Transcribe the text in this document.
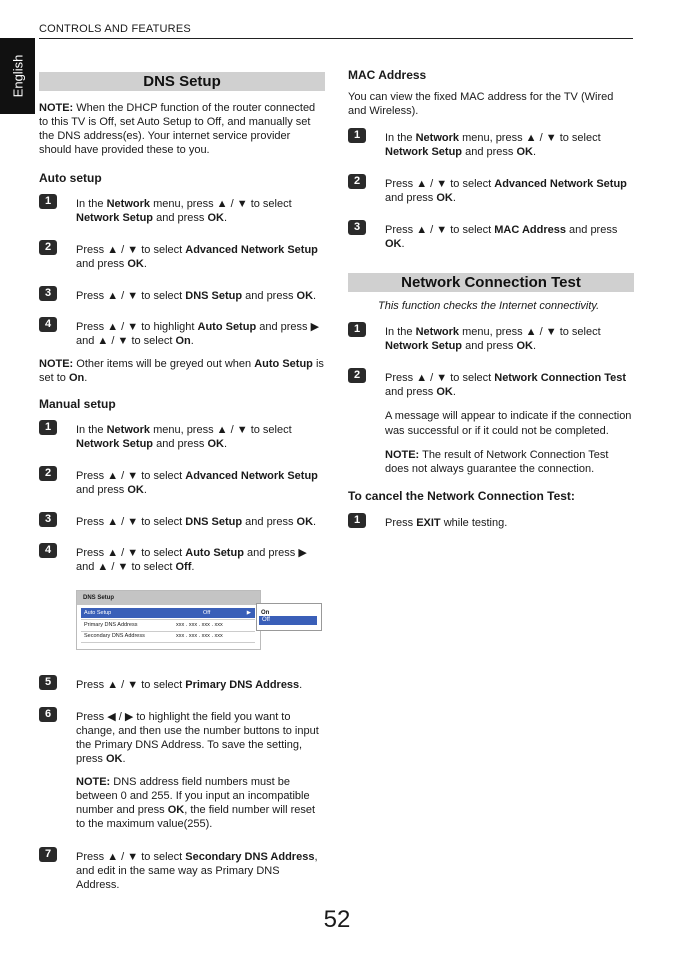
CONTROLS AND FEATURES
English	DNS Setup

NOTE: When the DHCP function of the router connected to this TV is Off, set Auto Setup to Off, and manually set the DNS address(es). Your internet service provider should have provided these to you.

Auto setup

1	In the Network menu, press ▲ / ▼ to select Network Setup and press OK.
2	Press ▲ / ▼ to select Advanced Network Setup and press OK.
3	Press ▲ / ▼ to select DNS Setup and press OK.
4	Press ▲ / ▼ to highlight Auto Setup and press ▶ and ▲ / ▼ to select On.

NOTE: Other items will be greyed out when Auto Setup is set to On.

Manual setup

1	In the Network menu, press ▲ / ▼ to select Network Setup and press OK.
2	Press ▲ / ▼ to select Advanced Network Setup and press OK.
3	Press ▲ / ▼ to select DNS Setup and press OK.
4	Press ▲ / ▼ to select Auto Setup and press ▶ and ▲ / ▼ to select Off.
DNS Setup
Auto Setup	Off	▶
Primary DNS Address	xxx . xxx . xxx . xxx
Secondary DNS Address	xxx . xxx . xxx . xxx
On
Off
5	Press ▲ / ▼ to select Primary DNS Address.
6	Press ◀ / ▶ to highlight the field you want to change, and then use the number buttons to input the Primary DNS Address. To save the setting, press OK.

NOTE: DNS address field numbers must be between 0 and 255. If you input an incompatible number and press OK, the field number will reset to the maximum value(255).

7	Press ▲ / ▼ to select Secondary DNS Address, and edit in the same way as Primary DNS Address.

MAC Address

You can view the fixed MAC address for the TV (Wired and Wireless).

1	In the Network menu, press ▲ / ▼ to select Network Setup and press OK.
2	Press ▲ / ▼ to select Advanced Network Setup and press OK.
3	Press ▲ / ▼ to select MAC Address and press OK.
Network Connection Test

This function checks the Internet connectivity.

1	In the Network menu, press ▲ / ▼ to select Network Setup and press OK.
2	Press ▲ / ▼ to select Network Connection Test and press OK.

A message will appear to indicate if the connection was successful or if it could not be completed.

NOTE: The result of Network Connection Test does not always guarantee the connection.

To cancel the Network Connection Test:

1	Press EXIT while testing.
52
